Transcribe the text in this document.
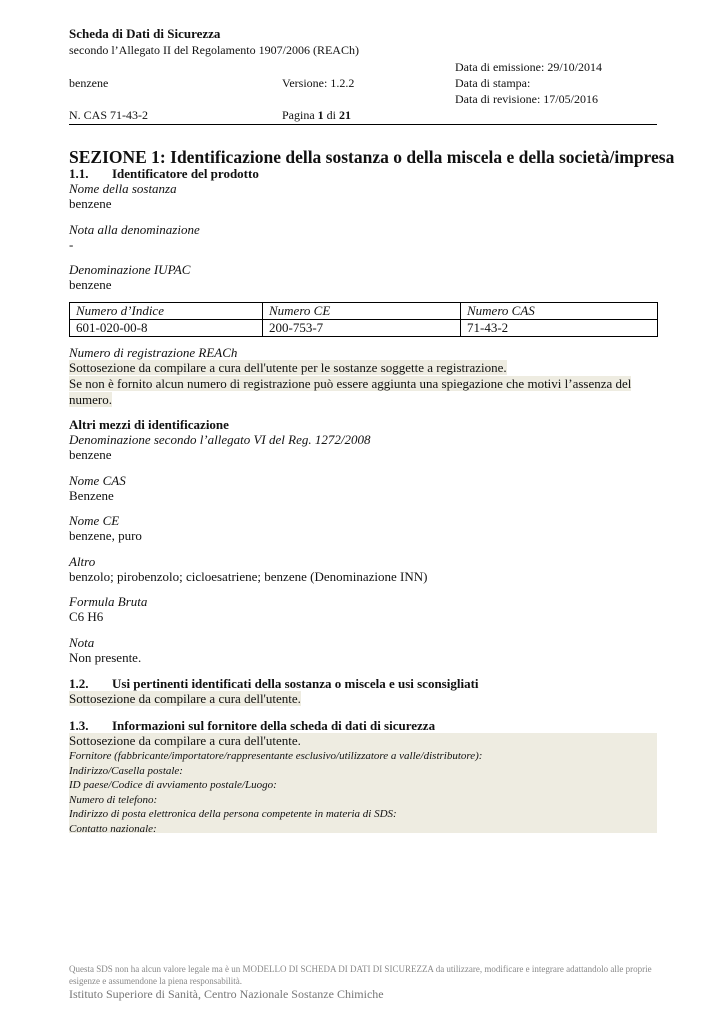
Scheda di Dati di Sicurezza
secondo l’Allegato II del Regolamento 1907/2006 (REACh)
Data di emissione: 29/10/2014
benzene	Versione: 1.2.2	Data di stampa:
Data di revisione: 17/05/2016
N. CAS 71-43-2	Pagina 1 di 21
SEZIONE 1: Identificazione della sostanza o della miscela e della società/impresa
1.1. Identificatore del prodotto
Nome della sostanza
benzene
Nota alla denominazione
-
Denominazione IUPAC
benzene
Numero d’Indice	Numero CE	Numero CAS
601-020-00-8	200-753-7	71-43-2
Numero di registrazione REACh
Sottosezione da compilare a cura dell'utente per le sostanze soggette a registrazione.
Se non è fornito alcun numero di registrazione può essere aggiunta una spiegazione che motivi l’assenza del
numero.
Altri mezzi di identificazione
Denominazione secondo l’allegato VI del Reg. 1272/2008
benzene
Nome CAS
Benzene
Nome CE
benzene, puro
Altro
benzolo; pirobenzolo; cicloesatriene; benzene (Denominazione INN)
Formula Bruta
C6 H6
Nota
Non presente.
1.2. Usi pertinenti identificati della sostanza o miscela e usi sconsigliati
Sottosezione da compilare a cura dell'utente.
1.3. Informazioni sul fornitore della scheda di dati di sicurezza
Sottosezione da compilare a cura dell'utente.
Fornitore (fabbricante/importatore/rappresentante esclusivo/utilizzatore a valle/distributore):
Indirizzo/Casella postale:
ID paese/Codice di avviamento postale/Luogo:
Numero di telefono:
Indirizzo di posta elettronica della persona competente in materia di SDS:
Contatto nazionale:
Questa SDS non ha alcun valore legale ma è un MODELLO DI SCHEDA DI DATI DI SICUREZZA da utilizzare, modificare e integrare adattandolo alle proprie esigenze e assumendone la piena responsabilità.
Istituto Superiore di Sanità, Centro Nazionale Sostanze Chimiche
